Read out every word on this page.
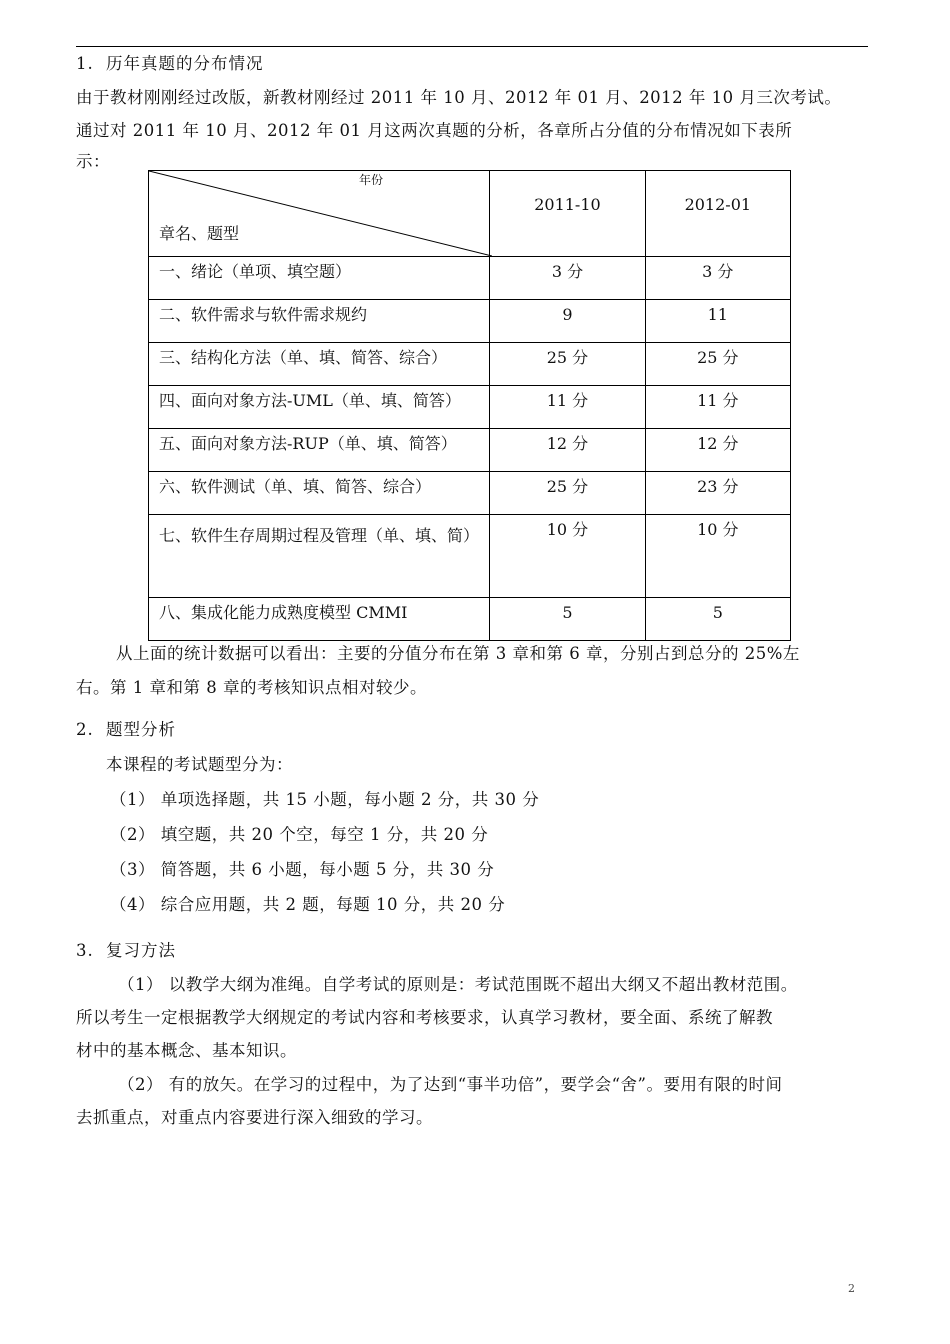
1. 历年真题的分布情况
由于教材刚刚经过改版，新教材刚经过 2011 年 10 月、2012 年 01 月、2012 年 10 月三次考试。
通过对 2011 年 10 月、2012 年 01 月这两次真题的分析，各章所占分值的分布情况如下表所
示：
年份
章名、题型	2011-10	2012-01

一、绪论（单项、填空题）	3 分	3 分

二、软件需求与软件需求规约	9	11

三、结构化方法（单、填、简答、综合）	25 分	25 分

四、面向对象方法-UML（单、填、简答）	11 分	11 分

五、面向对象方法-RUP（单、填、简答）	12 分	12 分

六、软件测试（单、填、简答、综合）	25 分	23 分

七、软件生存周期过程及管理（单、填、简）	10 分	10 分

八、集成化能力成熟度模型 CMMI	5	5
从上面的统计数据可以看出：主要的分值分布在第 3 章和第 6 章，分别占到总分的 25%左
右。第 1 章和第 8 章的考核知识点相对较少。
2. 题型分析
本课程的考试题型分为：
（1） 单项选择题，共 15 小题，每小题 2 分，共 30 分
（2） 填空题，共 20 个空，每空 1 分，共 20 分
（3） 简答题，共 6 小题，每小题 5 分，共 30 分
（4） 综合应用题，共 2 题，每题 10 分，共 20 分
3. 复习方法
（1） 以教学大纲为准绳。自学考试的原则是：考试范围既不超出大纲又不超出教材范围。
所以考生一定根据教学大纲规定的考试内容和考核要求，认真学习教材，要全面、系统了解教
材中的基本概念、基本知识。
（2） 有的放矢。在学习的过程中，为了达到“事半功倍”，要学会“舍”。要用有限的时间
去抓重点，对重点内容要进行深入细致的学习。
2
